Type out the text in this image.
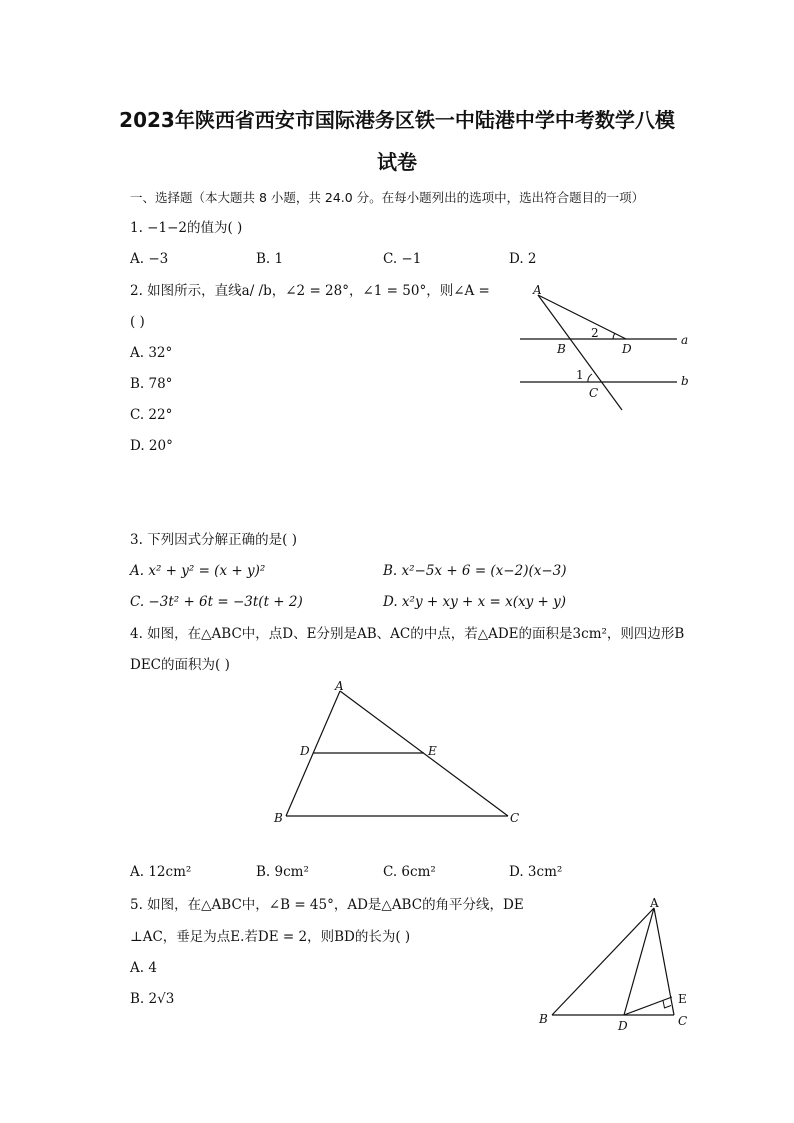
2023年陕西省西安市国际港务区铁一中陆港中学中考数学八模
试卷
一、选择题（本大题共 8 小题，共 24.0 分。在每小题列出的选项中，选出符合题目的一项）
1. −1−2的值为( )
A. −3	B. 1	C. −1	D. 2
2. 如图所示，直线a/ /b，∠2 = 28°，∠1 = 50°，则∠A =
( )
A. 32°
B. 78°
C. 22°
D. 20°
A
2
B	D
a
1
C
b
3. 下列因式分解正确的是( )
A. x² + y² = (x + y)²	B. x²−5x + 6 = (x−2)(x−3)
C. −3t² + 6t = −3t(t + 2)	D. x²y + xy + x = x(xy + y)
4. 如图，在△ABC中，点D、E分别是AB、AC的中点，若△ADE的面积是3cm²，则四边形B
DEC的面积为( )
A
D	E
B	C
A. 12cm²	B. 9cm²	C. 6cm²	D. 3cm²
5. 如图，在△ABC中，∠B = 45°，AD是△ABC的角平分线，DE
⊥AC，垂足为点E.若DE = 2，则BD的长为( )
A. 4
B. 2√3
A
E
B	D	C
